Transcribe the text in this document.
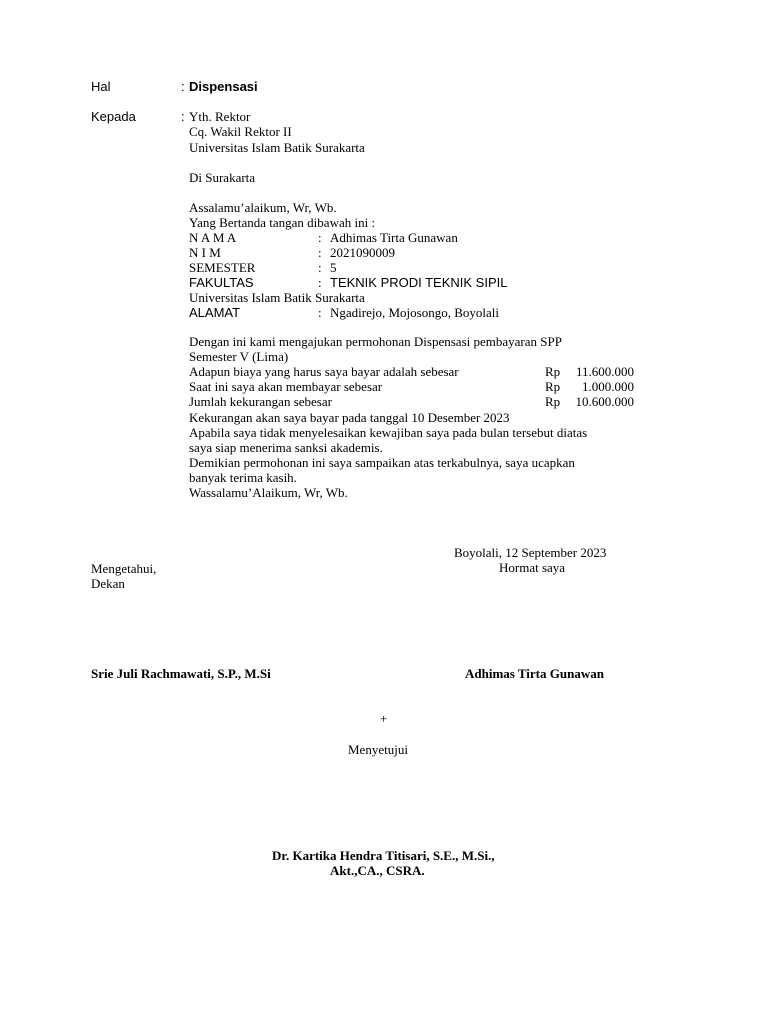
Hal	: Dispensasi
Kepada	: Yth. Rektor
Cq. Wakil Rektor II
Universitas Islam Batik Surakarta
Di Surakarta
Assalamu’alaikum, Wr, Wb.
Yang Bertanda tangan dibawah ini :
N A M A	: Adhimas Tirta Gunawan
N I M	: 2021090009
SEMESTER	: 5
FAKULTAS	: TEKNIK PRODI TEKNIK SIPIL
Universitas Islam Batik Surakarta
ALAMAT	: Ngadirejo, Mojosongo, Boyolali
Dengan ini kami mengajukan permohonan Dispensasi pembayaran SPP
Semester V (Lima)
Adapun biaya yang harus saya bayar adalah sebesar	Rp	11.600.000
Saat ini saya akan membayar sebesar	Rp	1.000.000
Jumlah kekurangan sebesar	Rp	10.600.000
Kekurangan akan saya bayar pada tanggal 10 Desember 2023
Apabila saya tidak menyelesaikan kewajiban saya pada bulan tersebut diatas
saya siap menerima sanksi akademis.
Demikian permohonan ini saya sampaikan atas terkabulnya, saya ucapkan
banyak terima kasih.
Wassalamu’Alaikum, Wr, Wb.
Boyolali, 12 September 2023
Hormat saya
Mengetahui,
Dekan
Srie Juli Rachmawati, S.P., M.Si	Adhimas Tirta Gunawan
+
Menyetujui
Dr. Kartika Hendra Titisari, S.E., M.Si.,
Akt.,CA., CSRA.
